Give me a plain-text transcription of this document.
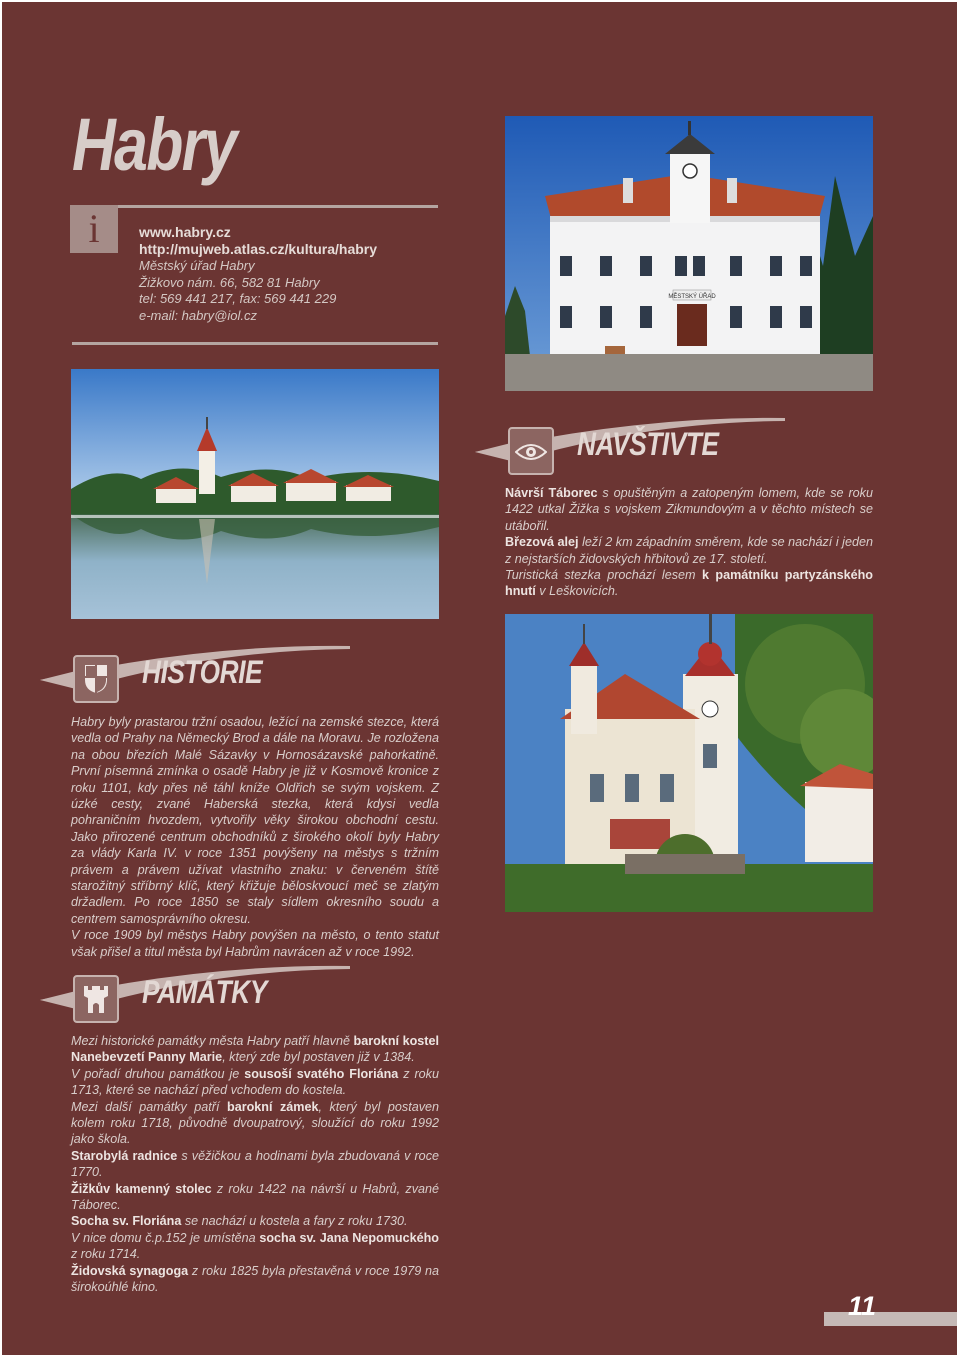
Habry
i	www.habry.cz
http://mujweb.atlas.cz/kultura/habry
Městský úřad Habry
Žižkovo nám. 66, 582 81 Habry
tel: 569 441 217, fax: 569 441 229
e-mail: habry@iol.cz
MĚSTSKÝ ÚŘAD
NAVŠTIVTE

Návrší Táborec s opuštěným a zatopeným lomem, kde se roku 1422 utkal Žižka s vojskem Zikmundovým a v těchto místech se utábořil.

Březová alej leží 2 km západním směrem, kde se nachází i jeden z nejstarších židovských hřbitovů ze 17. století.

Turistická stezka prochází lesem k památníku partyzánského hnutí v Leškovicích.

HISTORIE

Habry byly prastarou tržní osadou, ležící na zemské stezce, která vedla od Prahy na Německý Brod a dále na Moravu. Je rozložena na obou březích Malé Sázavky v Hornosázavské pahorkatině. První písemná zmínka o osadě Habry je již v Kosmově kronice z roku 1101, kdy přes ně táhl kníže Oldřich se svým vojskem. Z úzké cesty, zvané Haberská stezka, která kdysi vedla pohraničním hvozdem, vytvořily věky širokou obchodní cestu. Jako přirozené centrum obchodníků z širokého okolí byly Habry za vlády Karla IV. v roce 1351 povýšeny na městys s tržním právem a právem užívat vlastního znaku: v červeném štítě starožitný stříbrný klíč, který křižuje běloskvoucí meč se zlatým držadlem. Po roce 1850 se staly sídlem okresního soudu a centrem samosprávního okresu.

V roce 1909 byl městys Habry povýšen na město, o tento statut však přišel a titul města byl Habrům navrácen až v roce 1992.

PAMÁTKY

Mezi historické památky města Habry patří hlavně barokní kostel Nanebevzetí Panny Marie, který zde byl postaven již v 1384.

V pořadí druhou památkou je sousoší svatého Floriána z roku 1713, které se nachází před vchodem do kostela.

Mezi další památky patří barokní zámek, který byl postaven kolem roku 1718, původně dvoupatrový, sloužící do roku 1992 jako škola.

Starobylá radnice s věžičkou a hodinami byla zbudovaná v roce 1770.

Žižkův kamenný stolec z roku 1422 na návrší u Habrů, zvané Táborec.

Socha sv. Floriána se nachází u kostela a fary z roku 1730.

V nice domu č.p.152 je umístěna socha sv. Jana Nepomuckého z roku 1714.

Židovská synagoga z roku 1825 byla přestavěná v roce 1979 na širokoúhlé kino.

11
